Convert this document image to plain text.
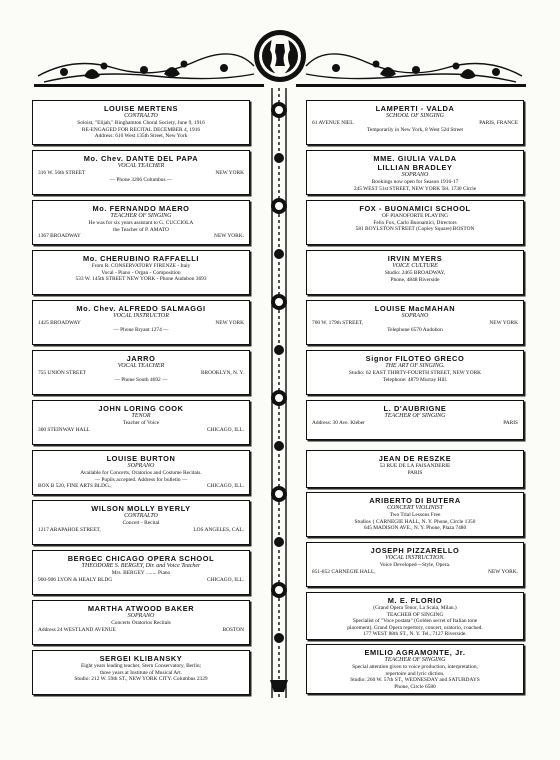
LOUISE MERTENS
CONTRALTO
Soloist, "Elijah," Binghamton Choral Society, June 9, 1916
RE-ENGAGED FOR RECITAL DECEMBER 4, 1916
Address: 610 West 135th Street, New York
Mo. Chev. DANTE DEL PAPA
VOCAL TEACHER
316 W. 56th STREET	NEW YORK
— Phone 3206 Columbus —
Mo. FERNANDO MAERO
TEACHER OF SINGING
He was for six years assistant to G. CUCCIOLA
the Teacher of P. AMATO
1367 BROADWAY	NEW YORK.
Mo. CHERUBINO RAFFAELLI
From R. CONSERVATORY FIRENZE - Italy
Vocal - Piano - Organ - Composition
533 W. 145th STREET NEW YORK - Phone Audubon 3693
Mo. Chev. ALFREDO SALMAGGI
VOCAL INSTRUCTOR
1425 BROADWAY	NEW YORK
— Phone Bryant 1274 —
JARRO
VOCAL TEACHER
755 UNION STREET	BROOKLYN, N. Y.
— Phone South 4692 —
JOHN LORING COOK
TENOR
Teacher of Voice
300 STEINWAY HALL	CHICAGO, ILL.
LOUISE BURTON
SOPRANO
Available for Concerts, Oratorios and Costume Recitals.
— Pupils accepted. Address for bulletin —
BOX B 520, FINE ARTS BLDG.,	CHICAGO, ILL.
WILSON MOLLY BYERLY
CONTRALTO
Concert - Recital
1217 ARAPAHOE STREET,	LOS ANGELES, CAL.
BERGEC CHICAGO OPERA SCHOOL
THEODORE S. BERGEY, Dir. and Voice Teacher
Mrs. BERGEY ........ Piano
900-906 LYON & HEALY BLDG	CHICAGO, ILL.
MARTHA ATWOOD BAKER
SOPRANO
Concerts Oratorios Recitals
Address 24 WESTLAND AVENUE	BOSTON
SERGEI KLIBANSKY
Eight years leading teacher, Stern Conservatory, Berlin;
three years at Institute of Musical Art.
Studio: 212 W. 59th ST., NEW YORK CITY. Columbus 2329
LAMPERTI - VALDA
SCHOOL OF SINGING
61 AVENUE NIEL	PARIS, FRANCE
Temporarily in New York, 8 West 52d Street
MME. GIULIA VALDA
LILLIAN BRADLEY
SOPRANO
Bookings now open for Season 1916-17
245 WEST 51st STREET, NEW YORK Tel. 1730 Circle
FOX - BUONAMICI SCHOOL
OF PIANOFORTE PLAYING
Felix Fox, Carlo Buonamici, Directors
581 BOYLSTON STREET (Copley Square) BOSTON
IRVIN MYERS
VOICE CULTURE
Studio: 2465 BROADWAY,
Phone, 4848 Riverside
LOUISE MacMAHAN
SOPRANO
700 W. 179th STREET,	NEW YORK
Telephone 6570 Audubon
Signor FILOTEO GRECO
THE ART OF SINGING.
Studio: 62 EAST THIRTY-FOURTH STREET, NEW YORK
Telephone: 4879 Murray Hill.
L. D'AUBRIGNE
TEACHER OF SINGING
Address: 30 Ave. Kléber	PARIS
JEAN DE RESZKE
53 RUE DE LA FAISANDERIE
PARIS
ARIBERTO DI BUTERA
CONCERT VIOLINIST
Two Trial Lessons Free
Studios { CARNEGIE HALL, N. Y. Phone, Circle 1350
645 MADISON AVE., N. Y. Phone, Plaza 7480
JOSEPH PIZZARELLO
VOCAL INSTRUCTION.
Voice Developed—Style, Opera.
851-852 CARNEGIE HALL,	NEW YORK.
M. E. FLORIO
(Grand Opera Tenor, La Scala, Milan.)
TEACHER OF SINGING
Specialist of "Voce postata" (Golden secret of Italian tone
placement), Grand Opera repertory, concert, oratorio, coached.
177 WEST 88th ST., N. Y. Tel., 7127 Riverside.
EMILIO AGRAMONTE, Jr.
TEACHER OF SINGING
Special attention given to voice production, interpretation,
repertoire and lyric diction.
Studio: 260 W. 57th ST., WEDNESDAY and SATURDAYS
Phone, Circle 6580
